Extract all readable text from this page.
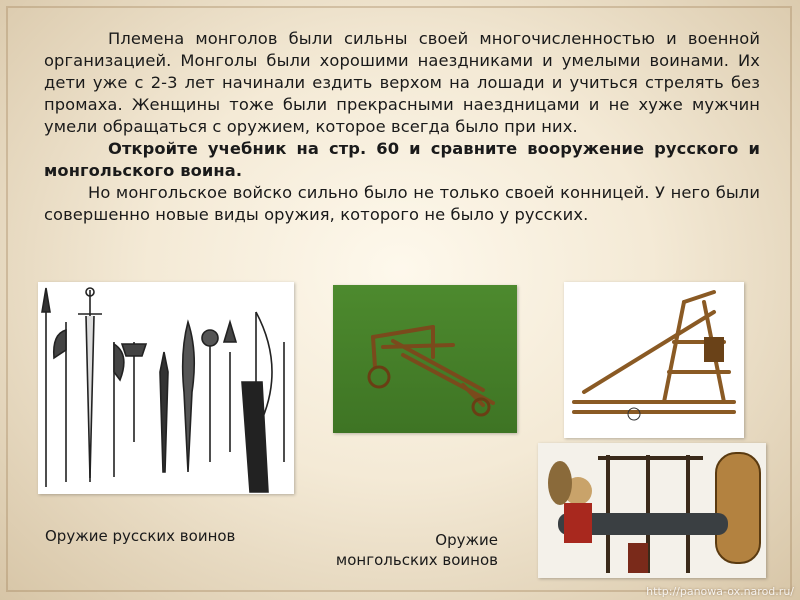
Племена монголов были сильны своей многочисленностью и военной организацией. Монголы были хорошими наездниками и умелыми воинами. Их дети уже с 2-3 лет начинали ездить верхом на лошади и учиться стрелять без промаха. Женщины тоже были прекрасными наездницами и не хуже мужчин умели обращаться с оружием, которое всегда было при них.

Откройте учебник на стр. 60 и сравните вооружение русского и монгольского воина.

Но монгольское войско сильно было не только своей конницей. У него были совершенно новые виды оружия, которого не было у русских.

Оружие русских воинов	Оружие
монгольских воинов
http://panowa-ox.narod.ru/
